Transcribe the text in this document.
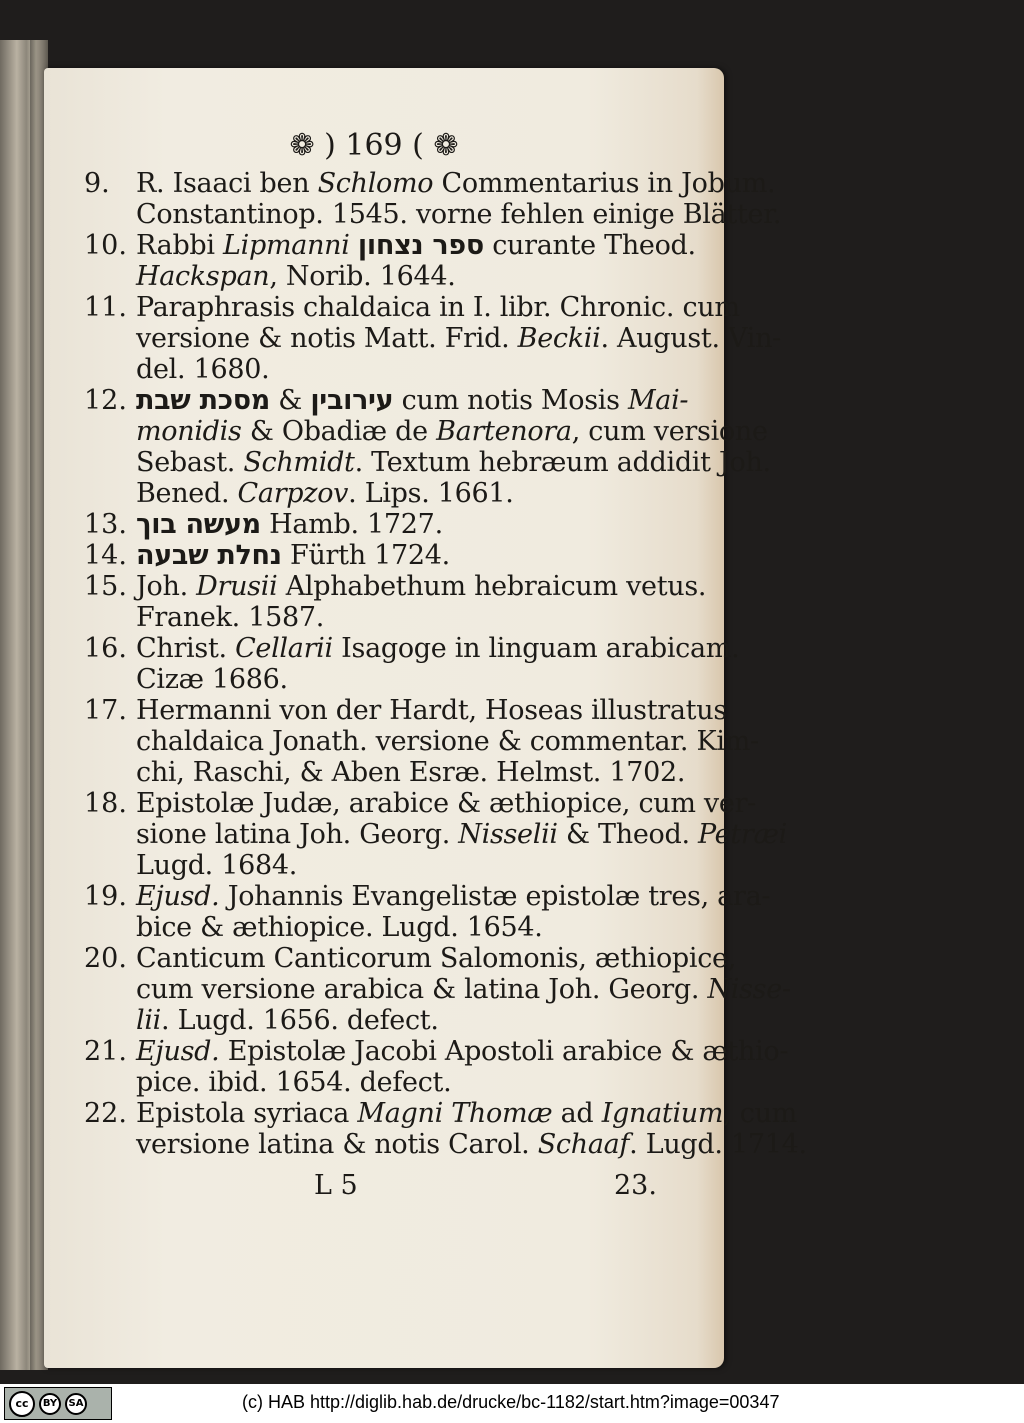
❁ ) 169 ( ❁
9. R. Isaaci ben Schlomo Commentarius in Jobum.
Constantinop. 1545. vorne fehlen einige Blätter.
10. Rabbi Lipmanni ספר נצחון curante Theod.
Hackspan, Norib. 1644.
11. Paraphrasis chaldaica in I. libr. Chronic. cum
versione & notis Matt. Frid. Beckii. August. Vin-
del. 1680.
12. מסכת שבת & עירובין cum notis Mosis Mai-
monidis & Obadiæ de Bartenora, cum versione
Sebast. Schmidt. Textum hebræum addidit Joh.
Bened. Carpzov. Lips. 1661.
13. מעשה בוך Hamb. 1727.
14. נחלת שבעה Fürth 1724.
15. Joh. Drusii Alphabethum hebraicum vetus.
Franek. 1587.
16. Christ. Cellarii Isagoge in linguam arabicam.
Cizæ 1686.
17. Hermanni von der Hardt, Hoseas illustratus
chaldaica Jonath. versione & commentar. Kim-
chi, Raschi, & Aben Esræ. Helmst. 1702.
18. Epistolæ Judæ, arabice & æthiopice, cum ver-
sione latina Joh. Georg. Nisselii & Theod. Petræi
Lugd. 1684.
19. Ejusd. Johannis Evangelistæ epistolæ tres, ara-
bice & æthiopice. Lugd. 1654.
20. Canticum Canticorum Salomonis, æthiopice,
cum versione arabica & latina Joh. Georg. Nisse-
lii. Lugd. 1656. defect.
21. Ejusd. Epistolæ Jacobi Apostoli arabice & æthio-
pice. ibid. 1654. defect.
22. Epistola syriaca Magni Thomæ ad Ignatium, cum
versione latina & notis Carol. Schaaf. Lugd. 1714.
L 5	23.
cc	BY	SA	(c) HAB http://diglib.hab.de/drucke/bc-1182/start.htm?image=00347
